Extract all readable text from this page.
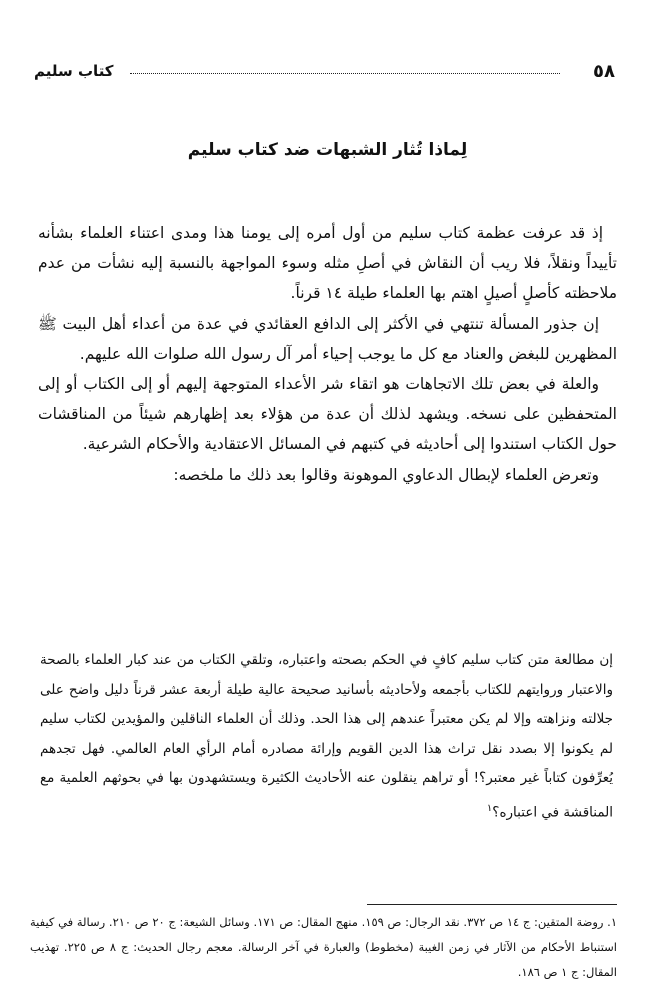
كتاب سليم	٥٨
لِماذا تُثار الشبهات ضد كتاب سليم

إذ قد عرفت عظمة كتاب سليم من أول أمره إلى يومنا هذا ومدى اعتناء العلماء بشأنه تأييداً ونقلاً، فلا ريب أن النقاش في أصلِ مثله وسوء المواجهة بالنسبة إليه نشأت من عدم ملاحظته كأصلٍ أصيلٍ اهتم بها العلماء طيلة ١٤ قرناً.

إن جذور المسألة تنتهي في الأكثر إلى الدافع العقائدي في عدة من أعداء أهل البيت ﷺ المظهرين للبغض والعناد مع كل ما يوجب إحياء أمر آل رسول الله صلوات الله عليهم.

والعلة في بعض تلك الاتجاهات هو اتقاء شر الأعداء المتوجهة إليهم أو إلى الكتاب أو إلى المتحفظين على نسخه. ويشهد لذلك أن عدة من هؤلاء بعد إظهارهم شيئاً من المناقشات حول الكتاب استندوا إلى أحاديثه في كتبهم في المسائل الاعتقادية والأحكام الشرعية.

وتعرض العلماء لإبطال الدعاوي الموهونة وقالوا بعد ذلك ما ملخصه:

إن مطالعة متن كتاب سليم كافٍ في الحكم بصحته واعتباره، وتلقي الكتاب من عند كبار العلماء بالصحة والاعتبار وروايتهم للكتاب بأجمعه ولأحاديثه بأسانيد صحيحة عالية طيلة أربعة عشر قرناً دليل واضح على جلالته ونزاهته وإلا لم يكن معتبراً عندهم إلى هذا الحد. وذلك أن العلماء الناقلين والمؤيدين لكتاب سليم لم يكونوا إلا بصدد نقل تراث هذا الدين القويم وإرائة مصادره أمام الرأي العام العالمي. فهل تجدهم يُعرِّفون كتاباً غير معتبر؟! أو تراهم ينقلون عنه الأحاديث الكثيرة ويستشهدون بها في بحوثهم العلمية مع المناقشة في اعتباره؟$^١$

١. روضة المتقين: ج ١٤ ص ٣٧٢. نقد الرجال: ص ١٥٩. منهج المقال: ص ١٧١. وسائل الشيعة: ج ٢٠ ص ٢١٠. رسالة في كيفية استنباط الأحكام من الآثار في زمن الغيبة (مخطوط) والعبارة في آخر الرسالة. معجم رجال الحديث: ج ٨ ص ٢٢٥. تهذيب المقال: ج ١ ص ١٨٦.
